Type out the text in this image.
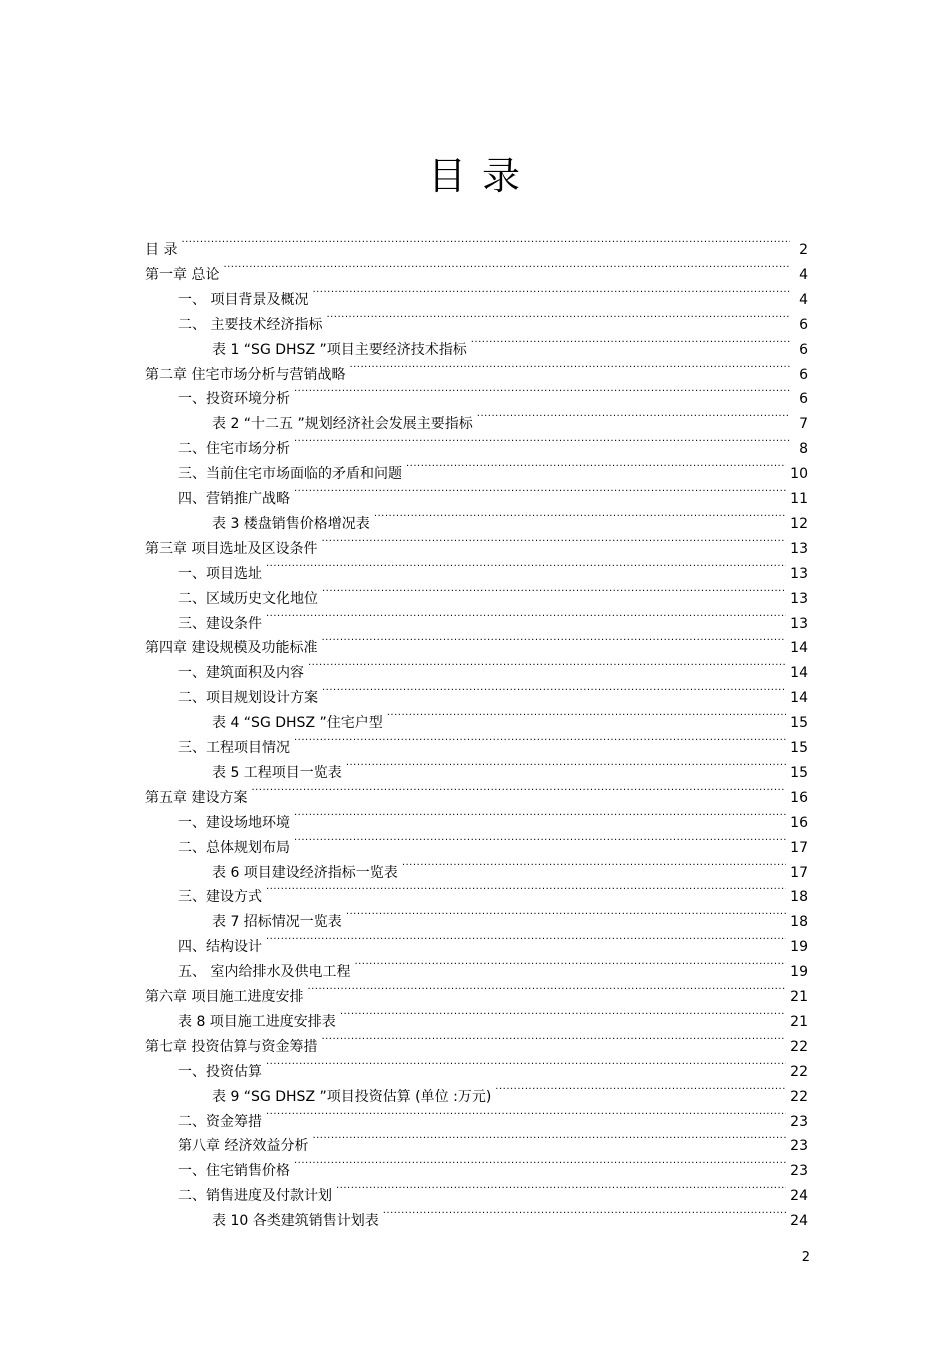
目 录
目 录 .....	2
第一章 总论 .....	4
一、 项目背景及概况 .....	4
二、 主要技术经济指标 .....	6
表 1 “SG DHSZ ”项目主要经济技术指标 .....	6
第二章 住宅市场分析与营销战略 .....	6
一、投资环境分析 .....	6
表 2 “十二五 ”规划经济社会发展主要指标 .....	7
二、住宅市场分析 .....	8
三、当前住宅市场面临的矛盾和问题 .....	10
四、营销推广战略 .....	11
表 3 楼盘销售价格增况表 .....	12
第三章 项目选址及区设条件 .....	13
一、项目选址 .....	13
二、区域历史文化地位 .....	13
三、建设条件 .....	13
第四章 建设规模及功能标准 .....	14
一、建筑面积及内容 .....	14
二、项目规划设计方案 .....	14
表 4 “SG DHSZ ”住宅户型 .....	15
三、工程项目情况 .....	15
表 5 工程项目一览表 .....	15
第五章 建设方案 .....	16
一、建设场地环境 .....	16
二、总体规划布局 .....	17
表 6 项目建设经济指标一览表 .....	17
三、建设方式 .....	18
表 7 招标情况一览表 .....	18
四、结构设计 .....	19
五、 室内给排水及供电工程 .....	19
第六章 项目施工进度安排 .....	21
表 8 项目施工进度安排表 .....	21
第七章 投资估算与资金筹措 .....	22
一、投资估算 .....	22
表 9 “SG DHSZ ”项目投资估算 (单位 :万元) .....	22
二、资金筹措 .....	23
第八章 经济效益分析 .....	23
一、住宅销售价格 .....	23
二、销售进度及付款计划 .....	24
表 10 各类建筑销售计划表 .....	24
2
